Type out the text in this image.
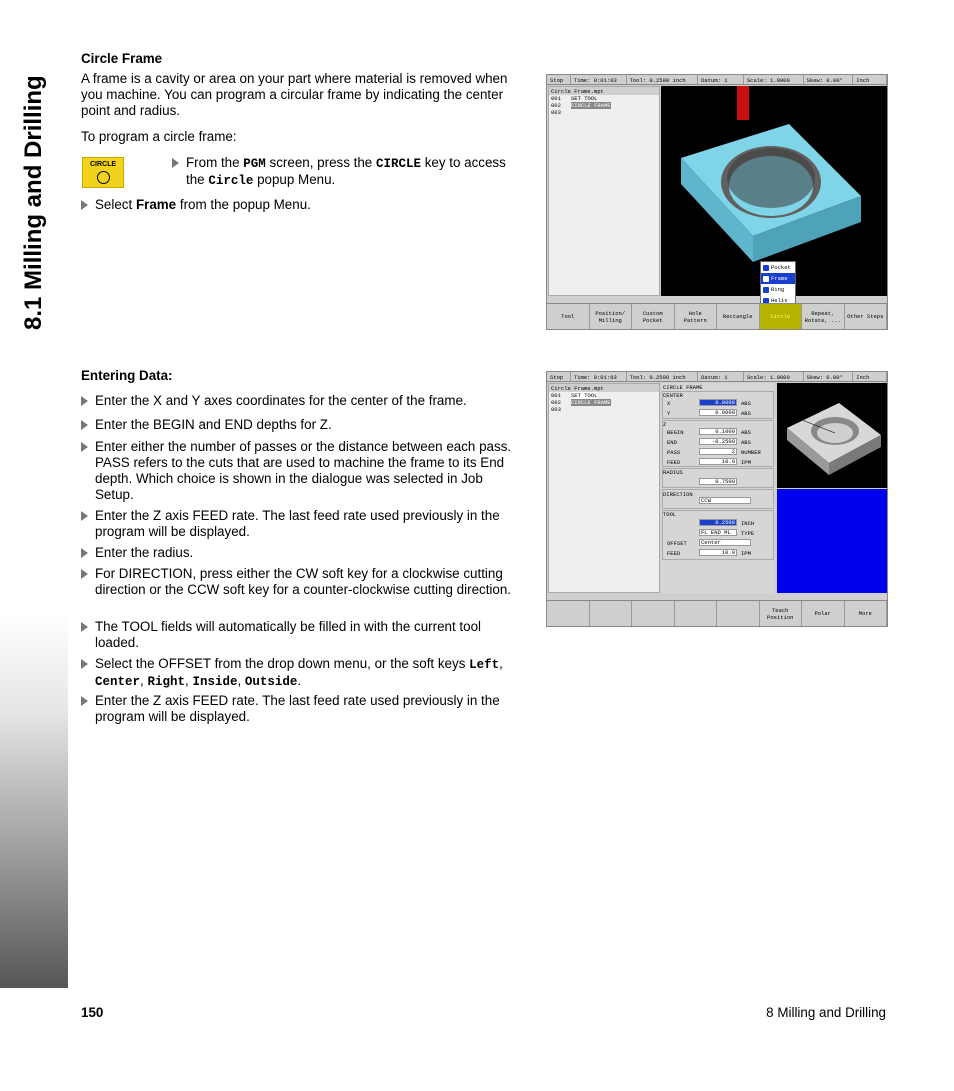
Circle Frame

A frame is a cavity or area on your part where material is removed when you machine. You can program a circular frame by indicating the center point and radius.

To program a circle frame:

CIRCLE	From the PGM screen, press the CIRCLE key to access the Circle popup Menu.
Select Frame from the popup Menu.
Stop	Time: 0:01:03	Tool: 0.2500 inch	Datum: 1	Scale: 1.0000	Skew: 0.00°	Inch
Circle Frame.mpt
001	SET TOOL
002	CIRCLE FRAME
003
Pocket
Frame
Ring
Helix
Tool	Position/ Milling
Custom Pocket
Hole Pattern	Rectangle	Circle	Repeat, Rotate, ...	Other Steps
Entering Data:
Enter the X and Y axes coordinates for the center of the frame.
Enter the BEGIN and END depths for Z.
Enter either the number of passes or the distance between each pass. PASS refers to the cuts that are used to machine the frame to its End depth. Which choice is shown in the dialogue was selected in Job Setup.
Enter the Z axis FEED rate. The last feed rate used previously in the program will be displayed.
Enter the radius.
For DIRECTION, press either the CW soft key for a clockwise cutting direction or the CCW soft key for a counter-clockwise cutting direction.
The TOOL fields will automatically be filled in with the current tool loaded.
Select the OFFSET from the drop down menu, or the soft keys Left, Center, Right, Inside, Outside.
Enter the Z axis FEED rate. The last feed rate used previously in the program will be displayed.
Stop	Time: 0:01:03	Tool: 0.2500 inch	Datum: 1	Scale: 1.0000	Skew: 0.00°	Inch
Circle Frame.mpt
001	SET TOOL
002	CIRCLE FRAME
003
CIRCLE FRAME
CENTER
X	0.0000	ABS
Y	0.0000	ABS
Z
BEGIN	0.1000	ABS
END	-0.2500	ABS
PASS	2	NUMBER
FEED	10.0	IPM
RADIUS
0.7500
DIRECTION
CCW
TOOL
0.2500	INCH
FL END ML	TYPE
OFFSET	Center
FEED	10.0	IPM
Teach Position	Polar	More
150	8 Milling and Drilling
